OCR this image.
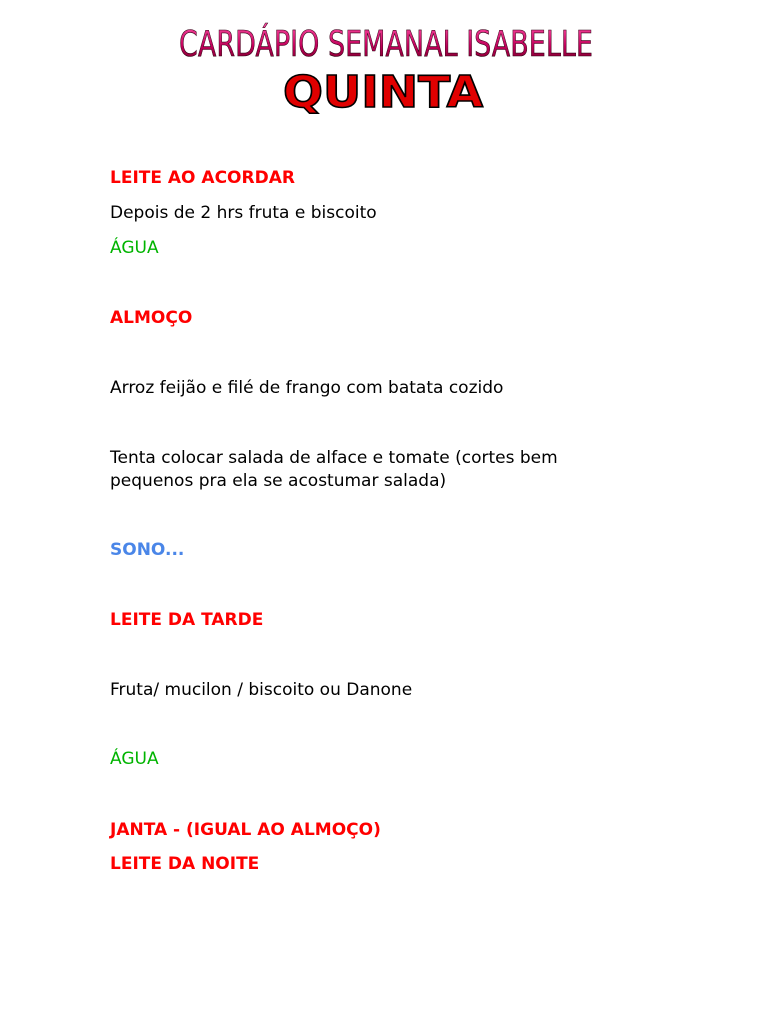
CARDÁPIO SEMANAL ISABELLE
QUINTA

LEITE AO ACORDAR

Depois de 2 hrs fruta e biscoito

ÁGUA

ALMOÇO

Arroz feijão e filé de frango com batata cozido

Tenta colocar salada de alface e tomate (cortes bem

pequenos pra ela se acostumar salada)

SONO...

LEITE DA TARDE

Fruta/ mucilon / biscoito ou Danone

ÁGUA

JANTA - (IGUAL AO ALMOÇO)

LEITE DA NOITE
